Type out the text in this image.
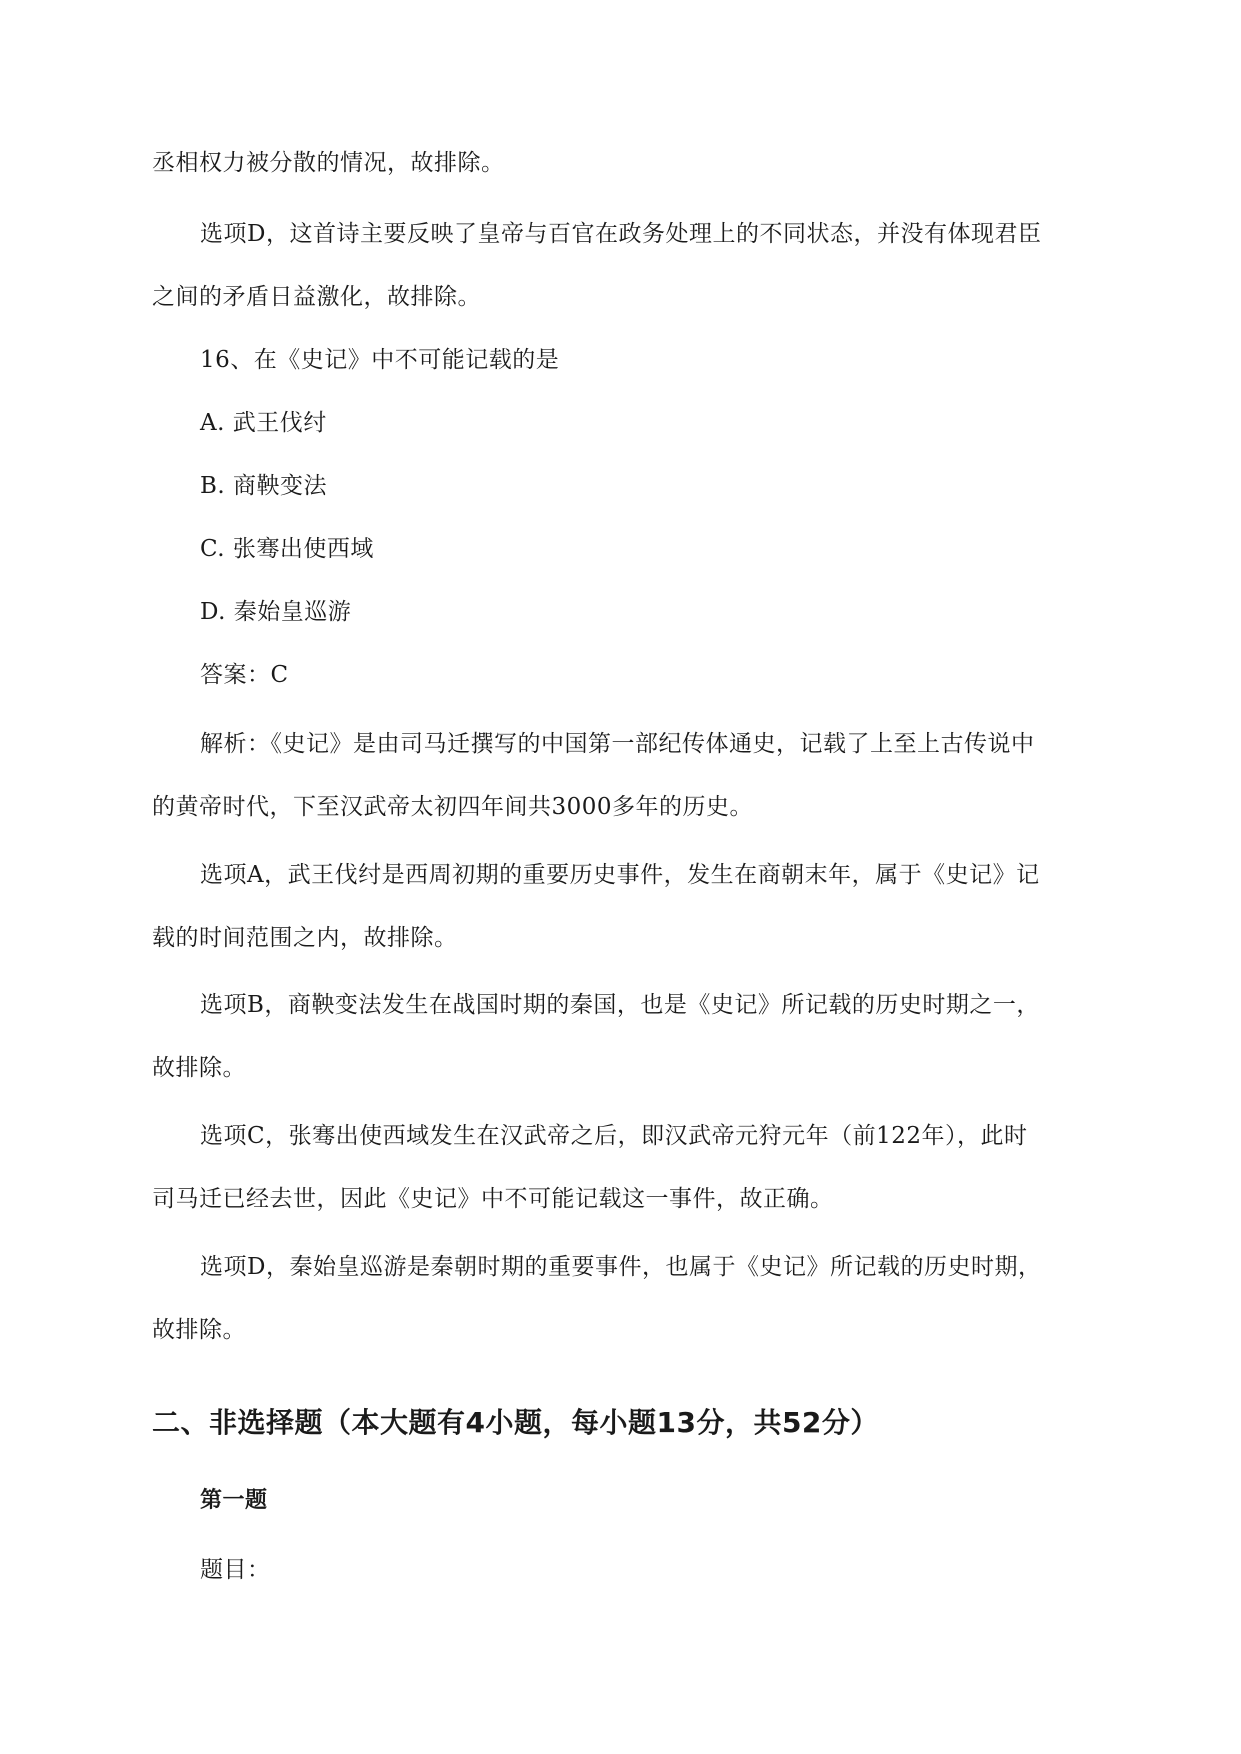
丞相权力被分散的情况，故排除。
选项D，这首诗主要反映了皇帝与百官在政务处理上的不同状态，并没有体现君臣
之间的矛盾日益激化，故排除。
16、在《史记》中不可能记载的是
A. 武王伐纣
B. 商鞅变法
C. 张骞出使西域
D. 秦始皇巡游
答案：C
解析：《史记》是由司马迁撰写的中国第一部纪传体通史，记载了上至上古传说中
的黄帝时代，下至汉武帝太初四年间共3000多年的历史。
选项A，武王伐纣是西周初期的重要历史事件，发生在商朝末年，属于《史记》记
载的时间范围之内，故排除。
选项B，商鞅变法发生在战国时期的秦国，也是《史记》所记载的历史时期之一，
故排除。
选项C，张骞出使西域发生在汉武帝之后，即汉武帝元狩元年（前122年），此时
司马迁已经去世，因此《史记》中不可能记载这一事件，故正确。
选项D，秦始皇巡游是秦朝时期的重要事件，也属于《史记》所记载的历史时期，
故排除。
二、非选择题（本大题有4小题，每小题13分，共52分）
第一题
题目：
